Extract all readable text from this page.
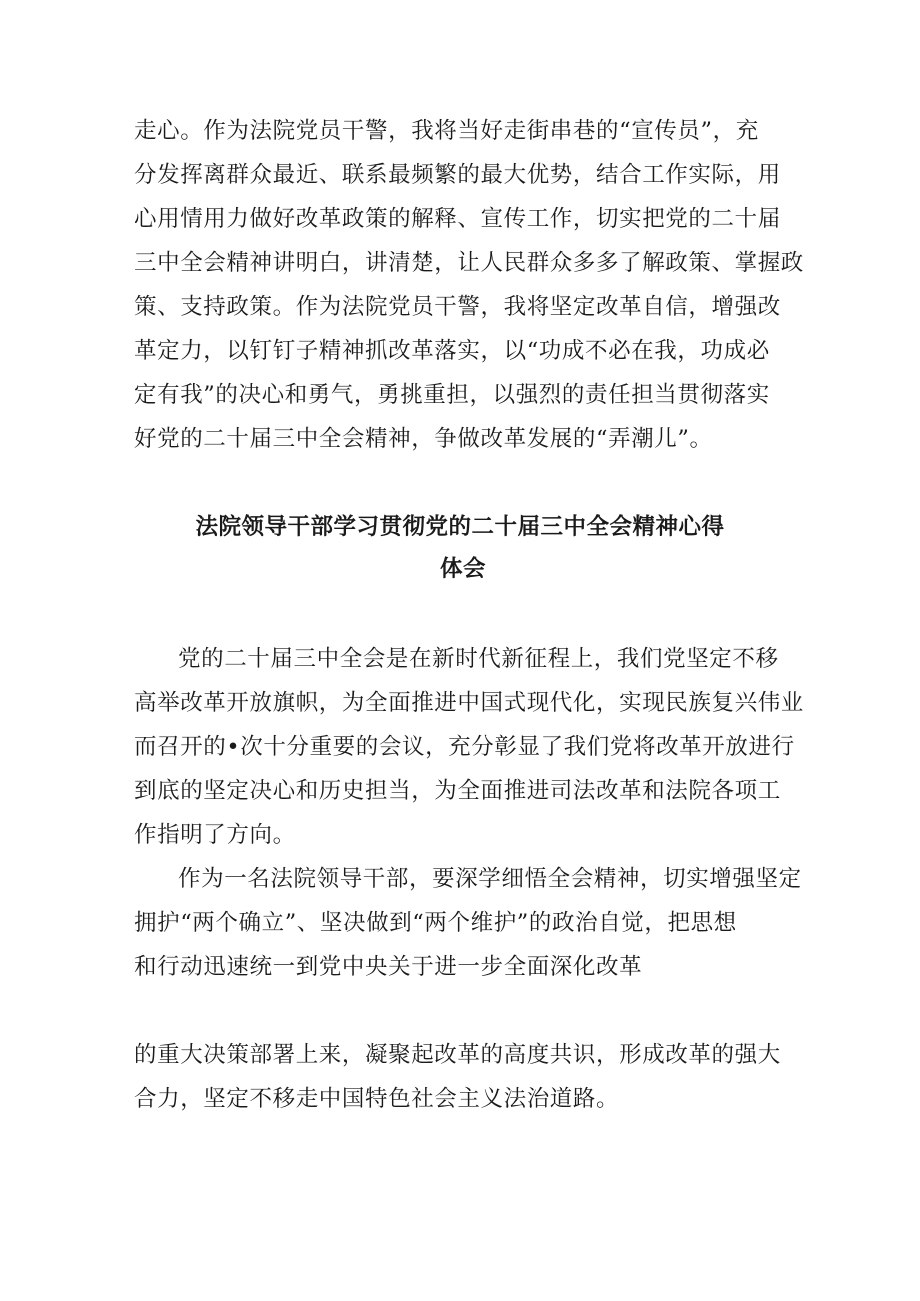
走心。作为法院党员干警，我将当好走街串巷的“宣传员”，充
分发挥离群众最近、联系最频繁的最大优势，结合工作实际，用
心用情用力做好改革政策的解释、宣传工作，切实把党的二十届
三中全会精神讲明白，讲清楚，让人民群众多多了解政策、掌握政
策、支持政策。作为法院党员干警，我将坚定改革自信，增强改
革定力，以钉钉子精神抓改革落实，以“功成不必在我，功成必
定有我”的决心和勇气，勇挑重担，以强烈的责任担当贯彻落实
好党的二十届三中全会精神，争做改革发展的“弄潮儿”。
法院领导干部学习贯彻党的二十届三中全会精神心得
体会
党的二十届三中全会是在新时代新征程上，我们党坚定不移
高举改革开放旗帜，为全面推进中国式现代化，实现民族复兴伟业
而召开的•次十分重要的会议，充分彰显了我们党将改革开放进行
到底的坚定决心和历史担当，为全面推进司法改革和法院各项工
作指明了方向。
作为一名法院领导干部，要深学细悟全会精神，切实增强坚定
拥护“两个确立”、坚决做到“两个维护”的政治自觉，把思想
和行动迅速统一到党中央关于进一步全面深化改革
的重大决策部署上来，凝聚起改革的高度共识，形成改革的强大
合力，坚定不移走中国特色社会主义法治道路。
